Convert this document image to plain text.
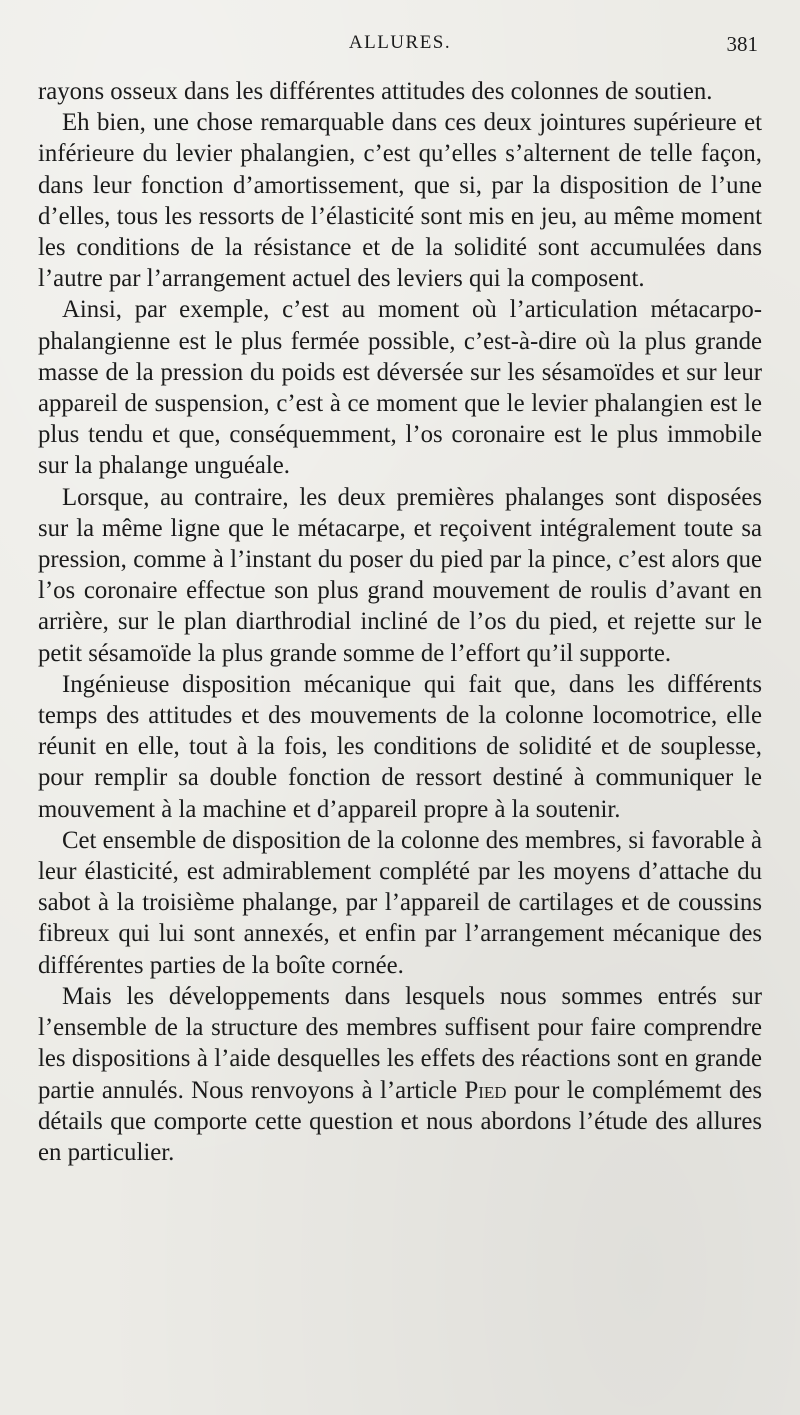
ALLURES.	381

rayons osseux dans les différentes attitudes des colonnes de soutien.

Eh bien, une chose remarquable dans ces deux jointures supérieure et inférieure du levier phalangien, c’est qu’elles s’alternent de telle façon, dans leur fonction d’amortissement, que si, par la disposition de l’une d’elles, tous les ressorts de l’élasticité sont mis en jeu, au même moment les conditions de la résistance et de la solidité sont accumulées dans l’autre par l’arrangement actuel des leviers qui la composent.

Ainsi, par exemple, c’est au moment où l’articulation métacarpo-phalangienne est le plus fermée possible, c’est-à-dire où la plus grande masse de la pression du poids est déversée sur les sésamoïdes et sur leur appareil de suspension, c’est à ce moment que le levier phalangien est le plus tendu et que, conséquemment, l’os coronaire est le plus immobile sur la phalange unguéale.

Lorsque, au contraire, les deux premières phalanges sont disposées sur la même ligne que le métacarpe, et reçoivent intégralement toute sa pression, comme à l’instant du poser du pied par la pince, c’est alors que l’os coronaire effectue son plus grand mouvement de roulis d’avant en arrière, sur le plan diarthrodial incliné de l’os du pied, et rejette sur le petit sésamoïde la plus grande somme de l’effort qu’il supporte.

Ingénieuse disposition mécanique qui fait que, dans les différents temps des attitudes et des mouvements de la colonne locomotrice, elle réunit en elle, tout à la fois, les conditions de solidité et de souplesse, pour remplir sa double fonction de ressort destiné à communiquer le mouvement à la machine et d’appareil propre à la soutenir.

Cet ensemble de disposition de la colonne des membres, si favorable à leur élasticité, est admirablement complété par les moyens d’attache du sabot à la troisième phalange, par l’appareil de cartilages et de coussins fibreux qui lui sont annexés, et enfin par l’arrangement mécanique des différentes parties de la boîte cornée.

Mais les développements dans lesquels nous sommes entrés sur l’ensemble de la structure des membres suffisent pour faire comprendre les dispositions à l’aide desquelles les effets des réactions sont en grande partie annulés. Nous renvoyons à l’article Pied pour le complémemt des détails que comporte cette question et nous abordons l’étude des allures en particulier.
